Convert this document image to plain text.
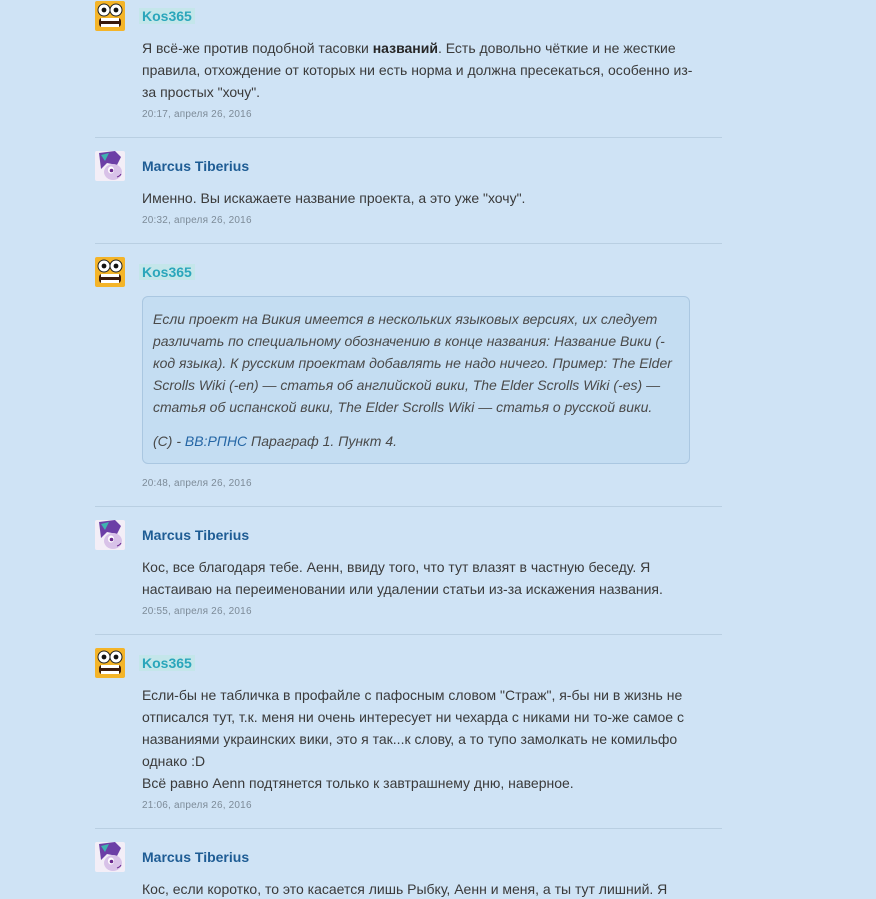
Kos365

Я всё-же против подобной тасовки названий. Есть довольно чёткие и не жесткие правила, отхождение от которых ни есть норма и должна пресекаться, особенно из-за простых "хочу".

20:17, апреля 26, 2016
Marcus Tiberius
Именно. Вы искажаете название проекта, а это уже "хочу".
20:32, апреля 26, 2016
Kos365
Если проект на Викия имеется в нескольких языковых версиях, их следует различать по специальному обозначению в конце названия: Название Вики (-код языка). К русским проектам добавлять не надо ничего. Пример: The Elder Scrolls Wiki (-en) — статья об английской вики, The Elder Scrolls Wiki (-es) — статья об испанской вики, The Elder Scrolls Wiki — статья о русской вики.
(С) - ВВ:РПНС Параграф 1. Пункт 4.
20:48, апреля 26, 2016
Marcus Tiberius
Кос, все благодаря тебе. Аенн, ввиду того, что тут влазят в частную беседу. Я настаиваю на переименовании или удалении статьи из-за искажения названия.
20:55, апреля 26, 2016
Kos365

Если-бы не табличка в профайле с пафосным словом "Страж", я-бы ни в жизнь не отписался тут, т.к. меня ни очень интересует ни чехарда с никами ни то-же самое с названиями украинских вики, это я так...к слову, а то тупо замолкать не комильфо однако :D

Всё равно Aenn подтянется только к завтрашнему дню, наверное.

21:06, апреля 26, 2016
Marcus Tiberius
Кос, если коротко, то это касается лишь Рыбку, Аенн и меня, а ты тут лишний. Я
